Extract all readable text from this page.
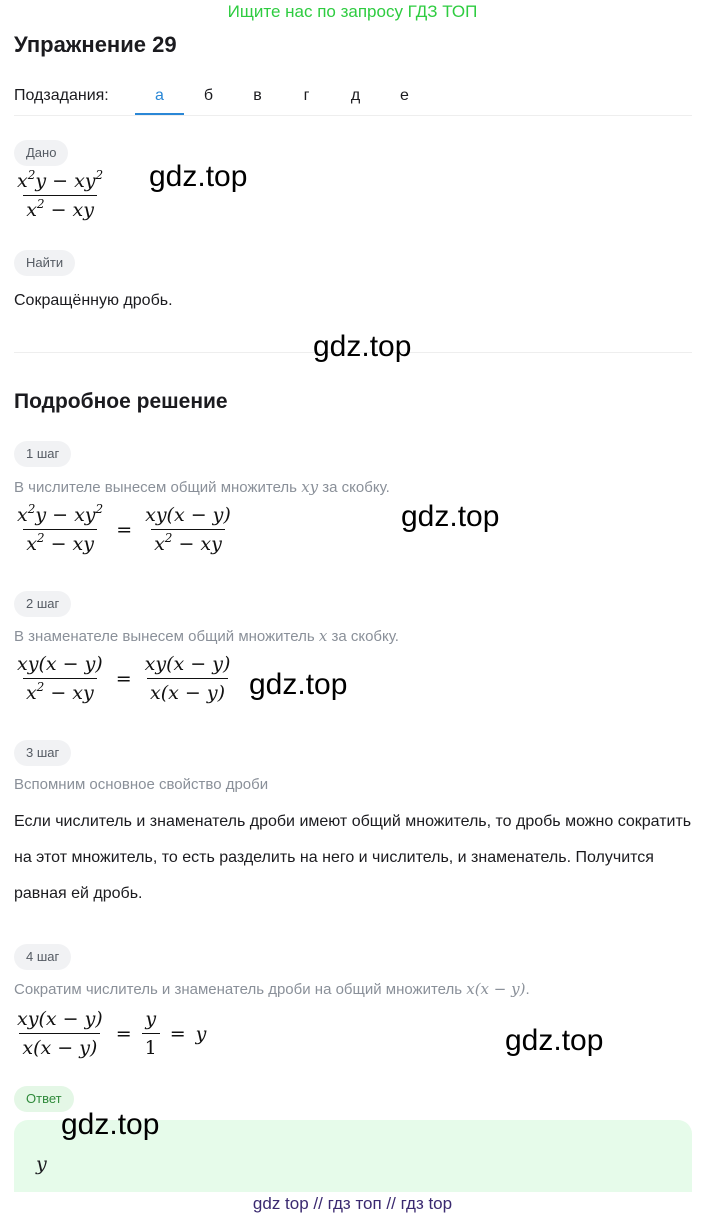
Ищите нас по запросу ГДЗ ТОП
Упражнение 29
Подзадания:	а	б	в	г	д	е
Дано
$\frac{x^2y - xy^2}{x^2 - xy} gdz.top$
Найти
Сокращённую дробь.
gdz.top
Подробное решение
1 шаг
В числителе вынесем общий множитель xy за скобку.
$\frac{x^2y - xy^2}{x^2 - xy} = \frac{xy(x - y)}{x^2 - xy}$	gdz.top
2 шаг
В знаменателе вынесем общий множитель x за скобку.
$\frac{xy(x - y)}{x^2 - xy} = \frac{xy(x - y)}{x(x - y)} gdz.top$
3 шаг
Вспомним основное свойство дроби
Если числитель и знаменатель дроби имеют общий множитель, то дробь можно сократить на этот множитель, то есть разделить на него и числитель, и знаменатель. Получится равная ей дробь.
4 шаг
Сократим числитель и знаменатель дроби на общий множитель x(x − y).
$\frac{xy(x - y)}{x(x - y)} = \frac{y}{1} = y$	gdz.top
Ответ
y
gdz.top
gdz top // гдз топ // гдз top
